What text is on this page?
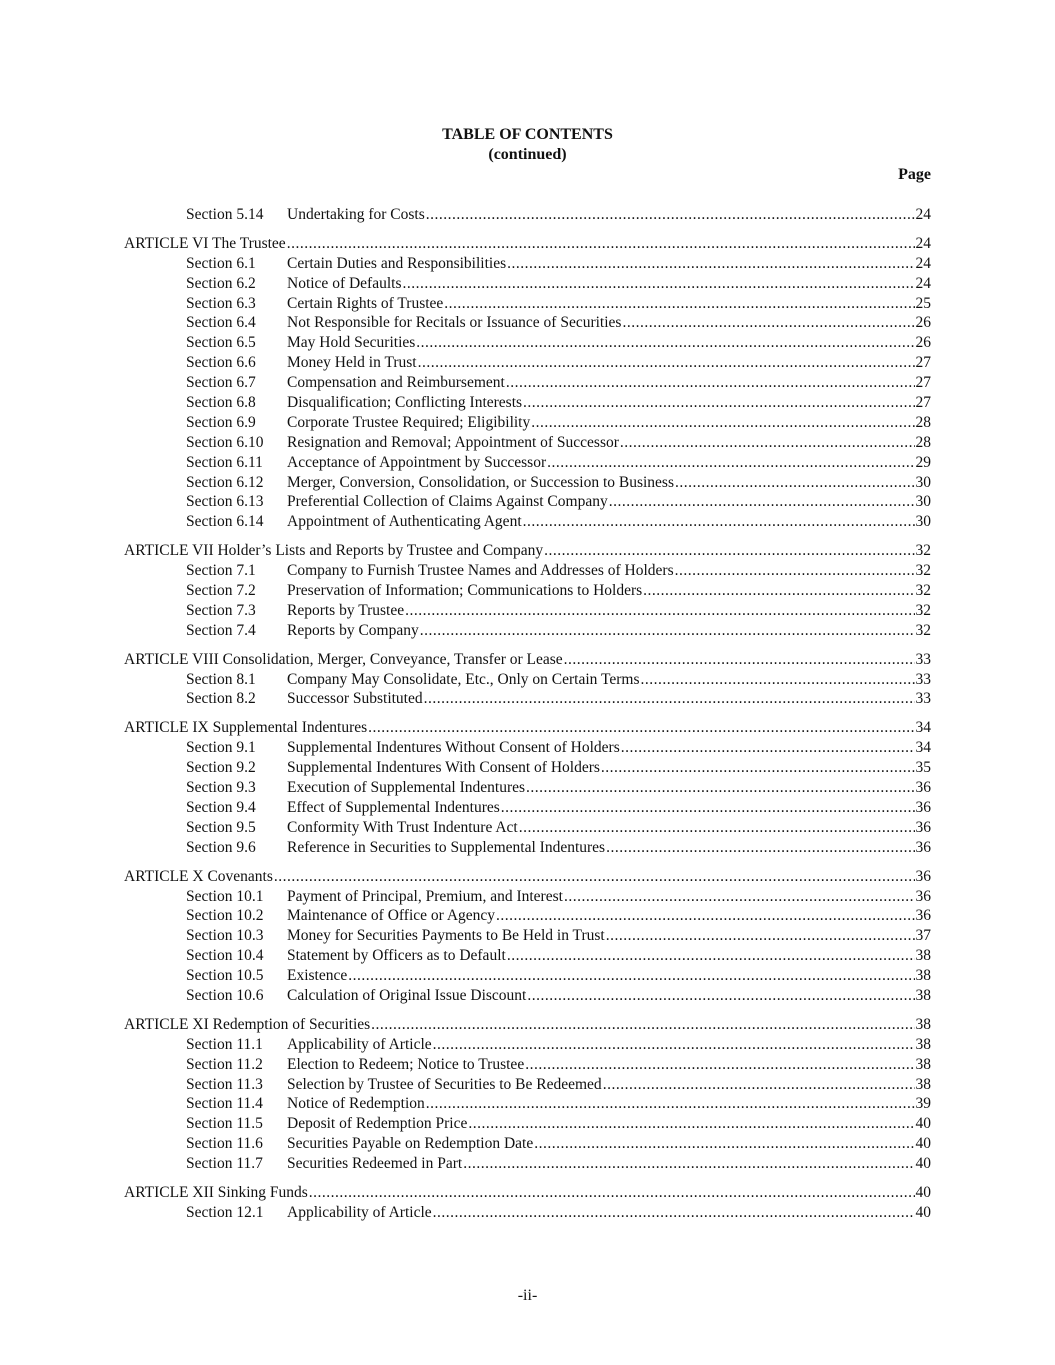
TABLE OF CONTENTS
(continued)
Page
Section 5.14	Undertaking for Costs .....	24
ARTICLE VI The Trustee .....	24
Section 6.1	Certain Duties and Responsibilities .....	24
Section 6.2	Notice of Defaults .....	24
Section 6.3	Certain Rights of Trustee .....	25
Section 6.4	Not Responsible for Recitals or Issuance of Securities .....	26
Section 6.5	May Hold Securities .....	26
Section 6.6	Money Held in Trust .....	27
Section 6.7	Compensation and Reimbursement .....	27
Section 6.8	Disqualification; Conflicting Interests .....	27
Section 6.9	Corporate Trustee Required; Eligibility .....	28
Section 6.10	Resignation and Removal; Appointment of Successor .....	28
Section 6.11	Acceptance of Appointment by Successor .....	29
Section 6.12	Merger, Conversion, Consolidation, or Succession to Business .....	30
Section 6.13	Preferential Collection of Claims Against Company .....	30
Section 6.14	Appointment of Authenticating Agent .....	30
ARTICLE VII Holder’s Lists and Reports by Trustee and Company .....	32
Section 7.1	Company to Furnish Trustee Names and Addresses of Holders .....	32
Section 7.2	Preservation of Information; Communications to Holders .....	32
Section 7.3	Reports by Trustee .....	32
Section 7.4	Reports by Company .....	32
ARTICLE VIII Consolidation, Merger, Conveyance, Transfer or Lease .....	33
Section 8.1	Company May Consolidate, Etc., Only on Certain Terms .....	33
Section 8.2	Successor Substituted .....	33
ARTICLE IX Supplemental Indentures .....	34
Section 9.1	Supplemental Indentures Without Consent of Holders .....	34
Section 9.2	Supplemental Indentures With Consent of Holders .....	35
Section 9.3	Execution of Supplemental Indentures .....	36
Section 9.4	Effect of Supplemental Indentures .....	36
Section 9.5	Conformity With Trust Indenture Act .....	36
Section 9.6	Reference in Securities to Supplemental Indentures .....	36
ARTICLE X Covenants .....	36
Section 10.1	Payment of Principal, Premium, and Interest .....	36
Section 10.2	Maintenance of Office or Agency .....	36
Section 10.3	Money for Securities Payments to Be Held in Trust .....	37
Section 10.4	Statement by Officers as to Default .....	38
Section 10.5	Existence .....	38
Section 10.6	Calculation of Original Issue Discount .....	38
ARTICLE XI Redemption of Securities .....	38
Section 11.1	Applicability of Article .....	38
Section 11.2	Election to Redeem; Notice to Trustee .....	38
Section 11.3	Selection by Trustee of Securities to Be Redeemed .....	38
Section 11.4	Notice of Redemption .....	39
Section 11.5	Deposit of Redemption Price .....	40
Section 11.6	Securities Payable on Redemption Date .....	40
Section 11.7	Securities Redeemed in Part .....	40
ARTICLE XII Sinking Funds .....	40
Section 12.1	Applicability of Article .....	40
-ii-
